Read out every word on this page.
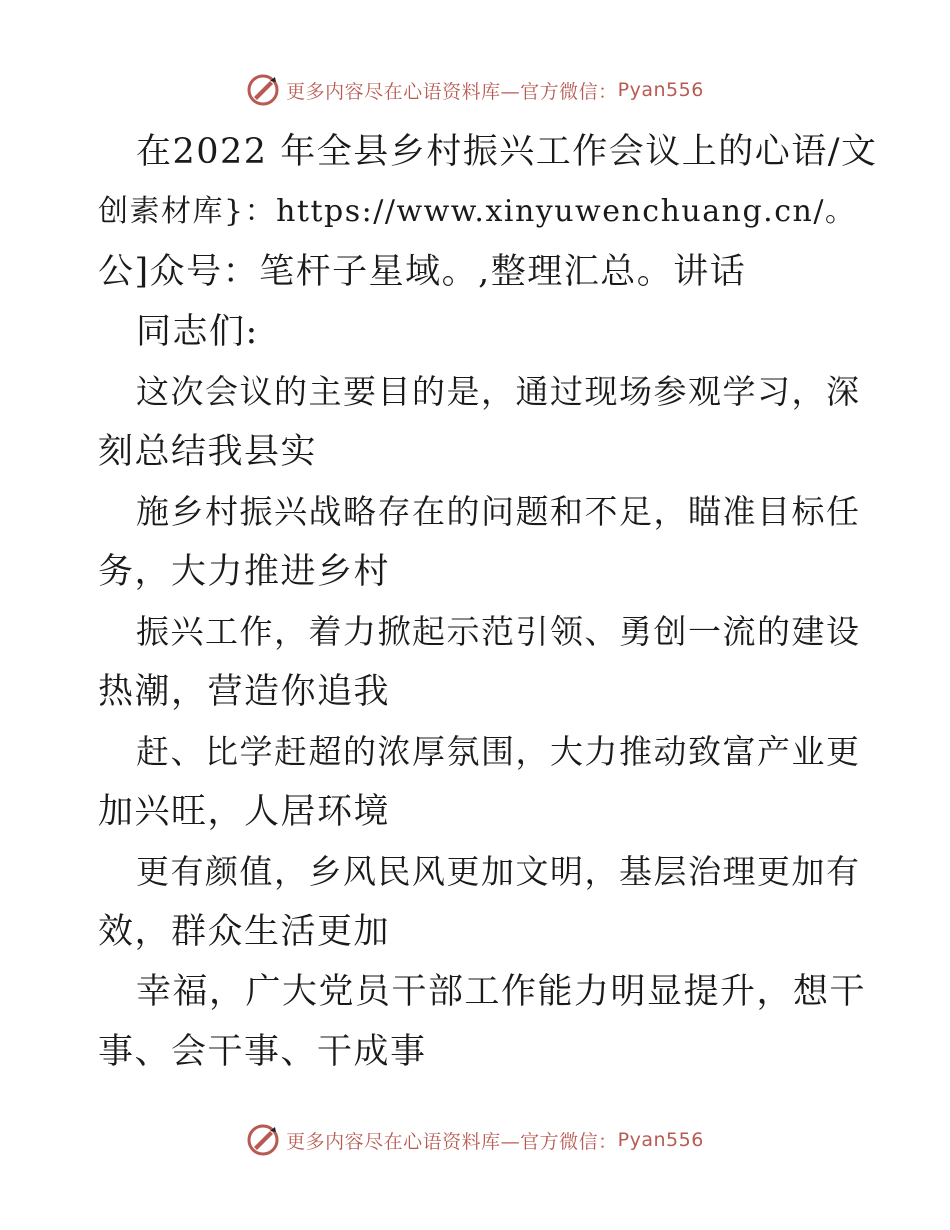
更多内容尽在心语资料库—官方微信： Pyan556
在2022 年全县乡村振兴工作会议上的心语/文
创素材库}：https://www.xinyuwenchuang.cn/。
公]众号：笔杆子星域。,整理汇总。讲话
同志们:
这次会议的主要目的是，通过现场参观学习，深
刻总结我县实
施乡村振兴战略存在的问题和不足，瞄准目标任
务，大力推进乡村
振兴工作，着力掀起示范引领、勇创一流的建设
热潮，营造你追我
赶、比学赶超的浓厚氛围，大力推动致富产业更
加兴旺，人居环境
更有颜值，乡风民风更加文明，基层治理更加有
效，群众生活更加
幸福，广大党员干部工作能力明显提升，想干
事、会干事、干成事
更多内容尽在心语资料库—官方微信： Pyan556
